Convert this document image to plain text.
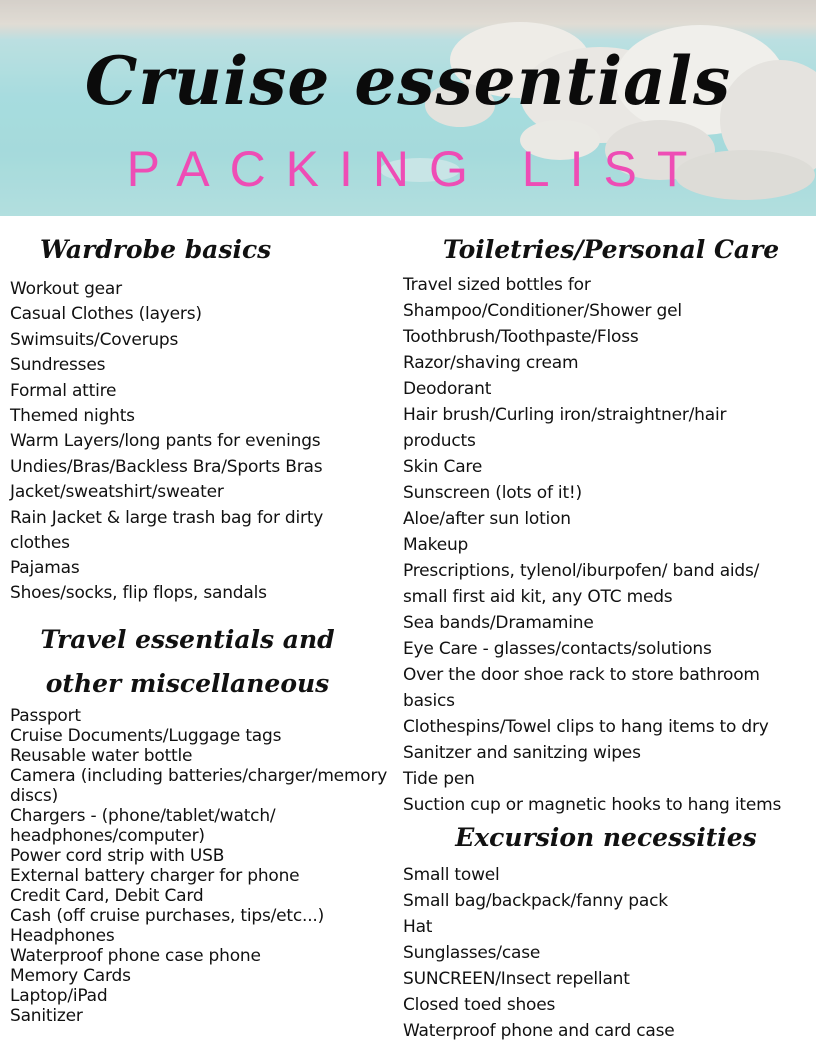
Cruise essentials
PACKING LIST
Wardrobe basics
Workout gear
Casual Clothes (layers)
Swimsuits/Coverups
Sundresses
Formal attire
Themed nights
Warm Layers/long pants for evenings
Undies/Bras/Backless Bra/Sports Bras
Jacket/sweatshirt/sweater
Rain Jacket & large trash bag for dirty clothes
Pajamas
Shoes/socks, flip flops, sandals
Travel essentials and other miscellaneous
Passport
Cruise Documents/Luggage tags
Reusable water bottle
Camera (including batteries/charger/memory discs)
Chargers - (phone/tablet/watch/ headphones/computer)
Power cord strip with USB
External battery charger for phone
Credit Card, Debit Card
Cash (off cruise purchases, tips/etc...)
Headphones
Waterproof phone case phone
Memory Cards
Laptop/iPad
Sanitizer
Toiletries/Personal Care
Travel sized bottles for Shampoo/Conditioner/Shower gel
Toothbrush/Toothpaste/Floss
Razor/shaving cream
Deodorant
Hair brush/Curling iron/straightner/hair products
Skin Care
Sunscreen (lots of it!)
Aloe/after sun lotion
Makeup
Prescriptions, tylenol/iburpofen/ band aids/ small first aid kit, any OTC meds
Sea bands/Dramamine
Eye Care - glasses/contacts/solutions
Over the door shoe rack to store bathroom basics
Clothespins/Towel clips to hang items to dry
Sanitzer and sanitzing wipes
Tide pen
Suction cup or magnetic hooks to hang items
Excursion necessities
Small towel
Small bag/backpack/fanny pack
Hat
Sunglasses/case
SUNCREEN/Insect repellant
Closed toed shoes
Waterproof phone and card case
